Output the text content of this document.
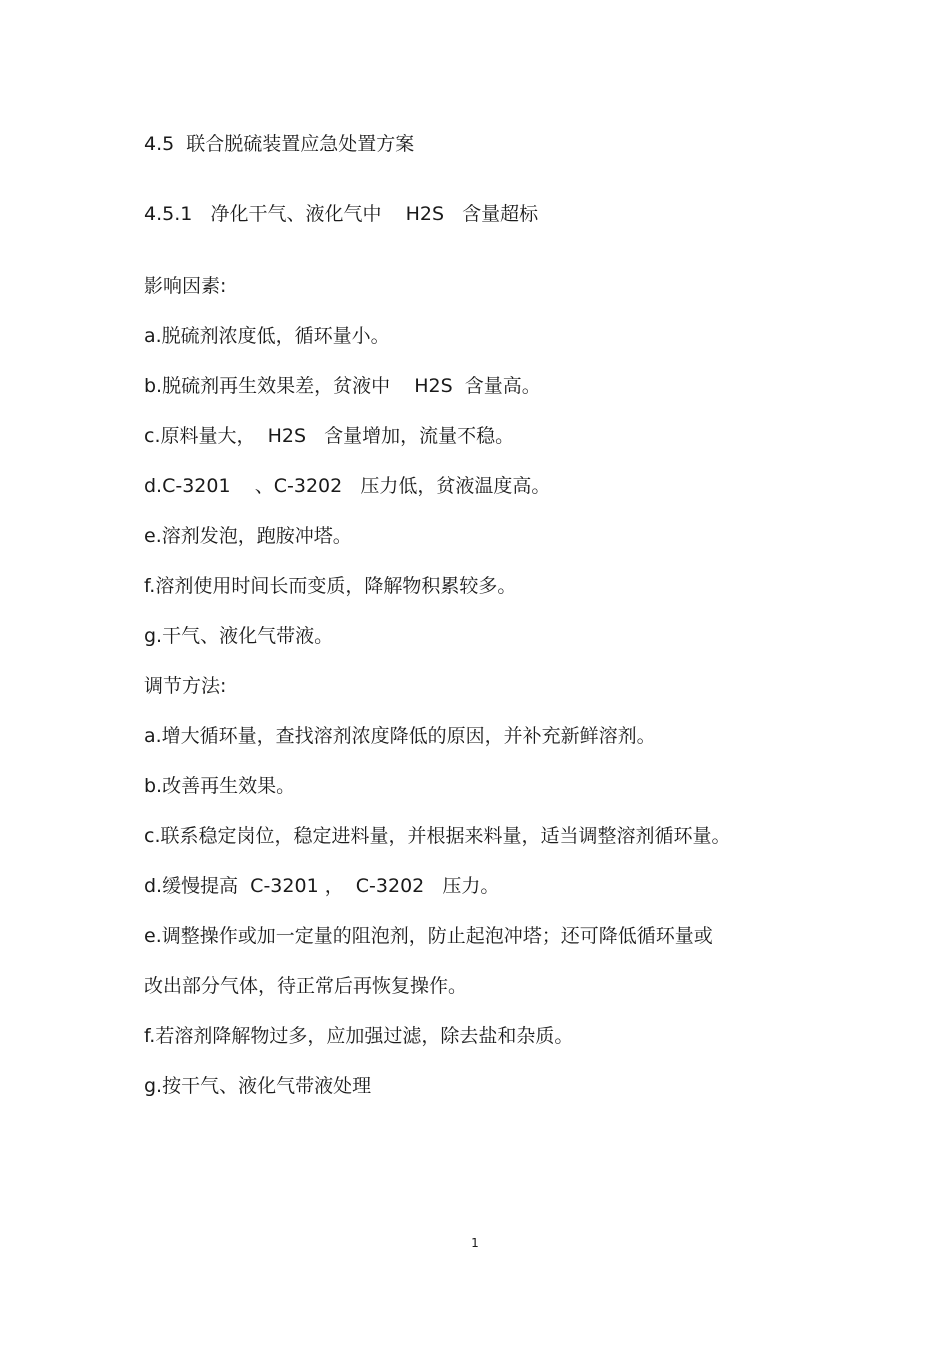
4.5  联合脱硫装置应急处置方案
4.5.1   净化干气、液化气中    H2S   含量超标
影响因素:
a.脱硫剂浓度低，循环量小。
b.脱硫剂再生效果差，贫液中    H2S  含量高。
c.原料量大，  H2S   含量增加，流量不稳。
d.C-3201    、C-3202   压力低，贫液温度高。
e.溶剂发泡，跑胺冲塔。
f.溶剂使用时间长而变质，降解物积累较多。
g.干气、液化气带液。
调节方法:
a.增大循环量，查找溶剂浓度降低的原因，并补充新鲜溶剂。
b.改善再生效果。
c.联系稳定岗位，稳定进料量，并根据来料量，适当调整溶剂循环量。
d.缓慢提高  C-3201 ，  C-3202   压力。
e.调整操作或加一定量的阻泡剂，防止起泡冲塔；还可降低循环量或
改出部分气体，待正常后再恢复操作。
f.若溶剂降解物过多，应加强过滤，除去盐和杂质。
g.按干气、液化气带液处理
1
